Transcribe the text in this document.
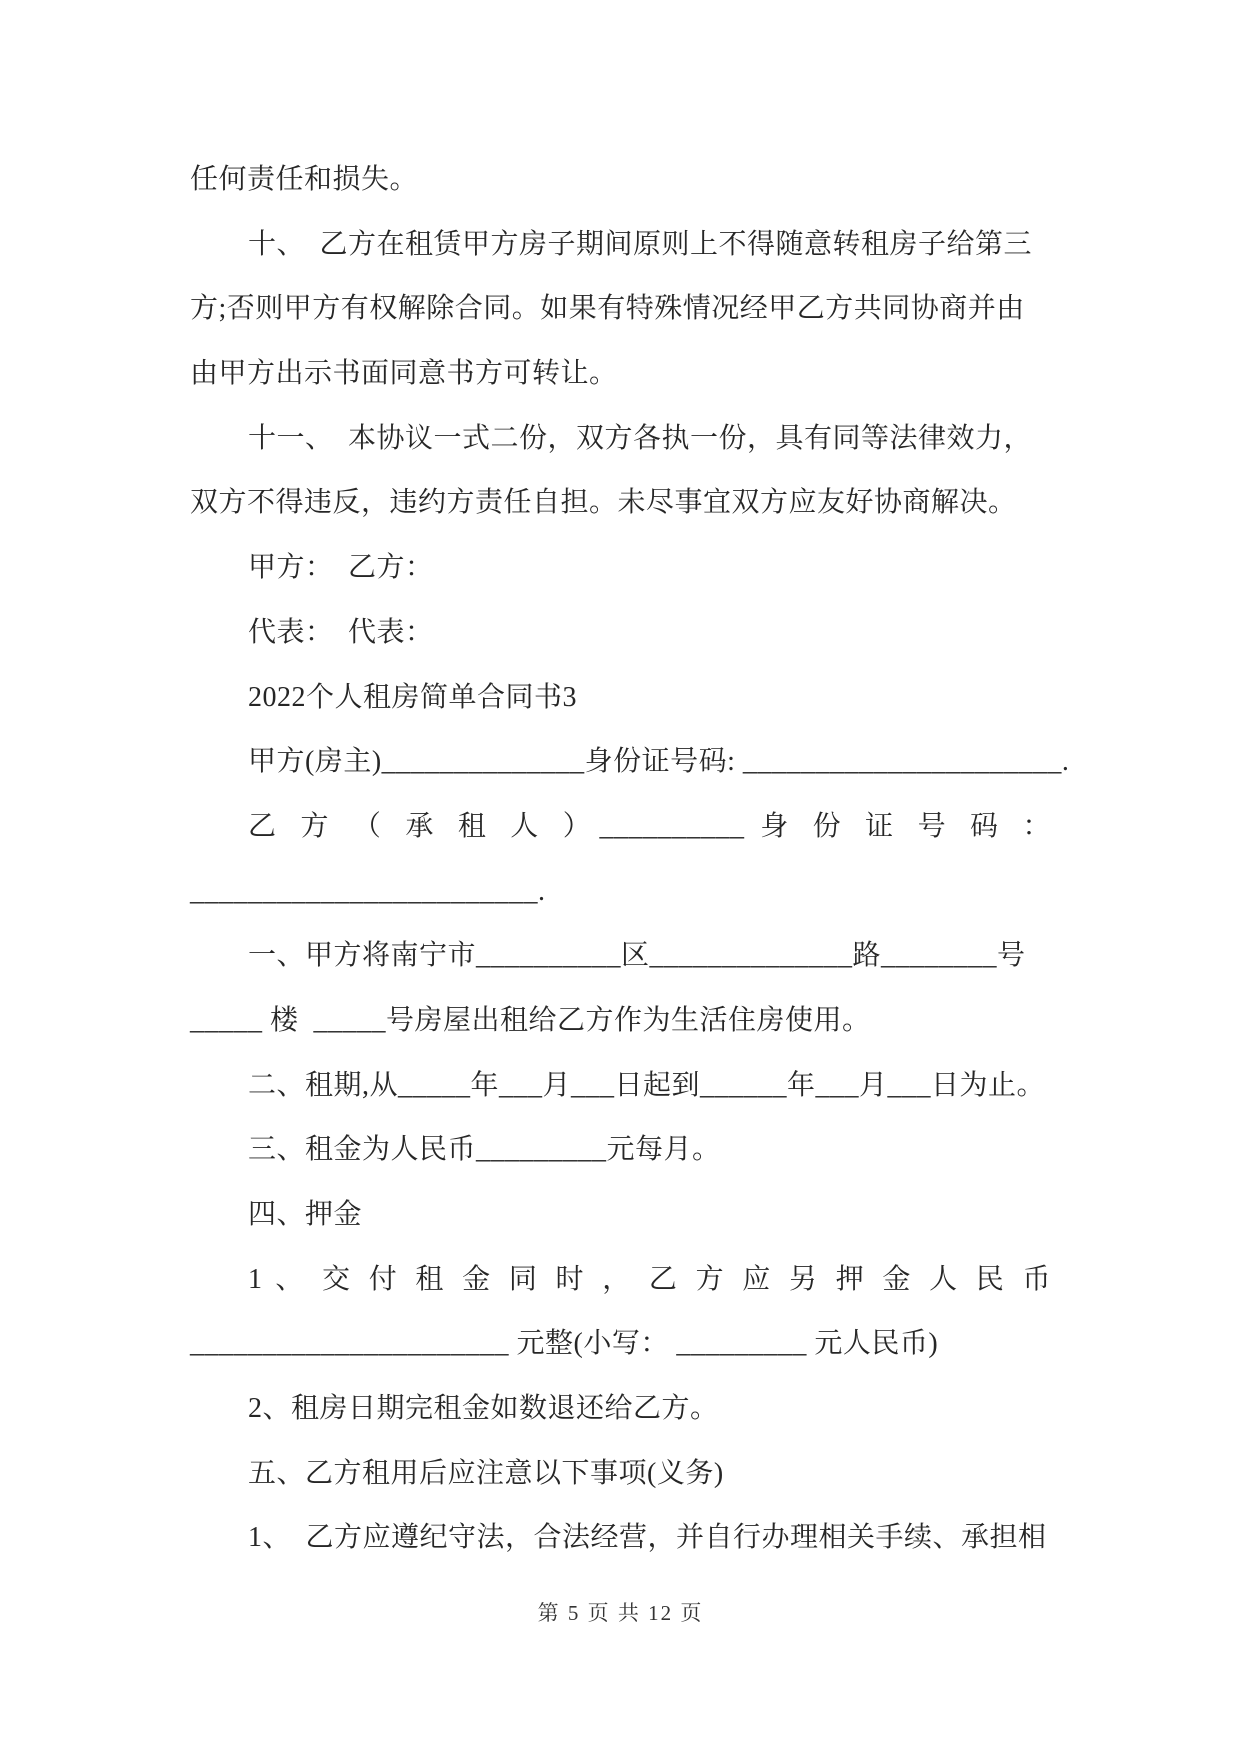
任何责任和损失。
十、　乙方在租赁甲方房子期间原则上不得随意转租房子给第三
方;否则甲方有权解除合同。如果有特殊情况经甲乙方共同协商并由
由甲方出示书面同意书方可转让。
十一、　本协议一式二份，双方各执一份，具有同等法律效力，
双方不得违反，违约方责任自担。未尽事宜双方应友好协商解决。
甲方：　乙方：
代表：　代表：
2022个人租房简单合同书3
甲方(房主)______________身份证号码: ______________________.
乙 方 （ 承 租 人 ）__________ 身 份 证 号 码 ：
________________________.
一、甲方将南宁市__________区______________路________号
_____ 楼  _____号房屋出租给乙方作为生活住房使用。
二、租期,从_____年___月___日起到______年___月___日为止。
三、租金为人民币_________元每月。
四、押金
1 、 交 付 租 金 同 时 ， 乙 方 应 另 押 金 人 民 币
______________________ 元整(小写： _________ 元人民币)
2、租房日期完租金如数退还给乙方。
五、乙方租用后应注意以下事项(义务)
1、　乙方应遵纪守法，合法经营，并自行办理相关手续、承担相
第 5 页 共 12 页
